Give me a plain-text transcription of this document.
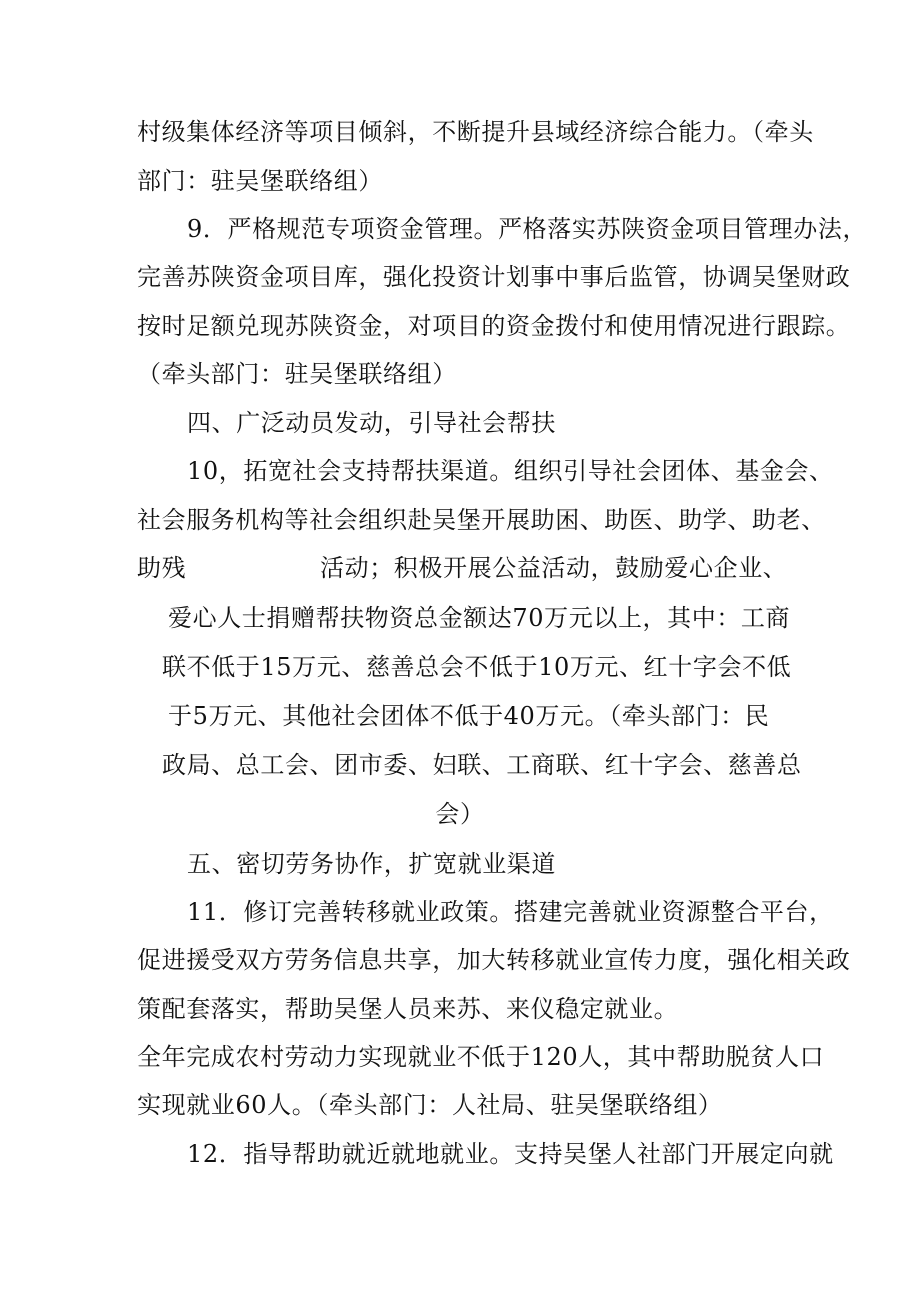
村级集体经济等项目倾斜，不断提升县域经济综合能力。（牵头
部门：驻吴堡联络组）
9．严格规范专项资金管理。严格落实苏陕资金项目管理办法，
完善苏陕资金项目库，强化投资计划事中事后监管，协调吴堡财政
按时足额兑现苏陕资金，对项目的资金拨付和使用情况进行跟踪。
（牵头部门：驻吴堡联络组）
四、广泛动员发动，引导社会帮扶
10，拓宽社会支持帮扶渠道。组织引导社会团体、基金会、
社会服务机构等社会组织赴吴堡开展助困、助医、助学、助老、
助残	活动；积极开展公益活动，鼓励爱心企业、
爱心人士捐赠帮扶物资总金额达70万元以上，其中：工商
联不低于15万元、慈善总会不低于10万元、红十字会不低
于5万元、其他社会团体不低于40万元。（牵头部门：民
政局、总工会、团市委、妇联、工商联、红十字会、慈善总
会）
五、密切劳务协作，扩宽就业渠道
11．修订完善转移就业政策。搭建完善就业资源整合平台，
促进援受双方劳务信息共享，加大转移就业宣传力度，强化相关政
策配套落实，帮助吴堡人员来苏、来仪稳定就业。
全年完成农村劳动力实现就业不低于120人，其中帮助脱贫人口
实现就业60人。（牵头部门：人社局、驻吴堡联络组）
12．指导帮助就近就地就业。支持吴堡人社部门开展定向就
